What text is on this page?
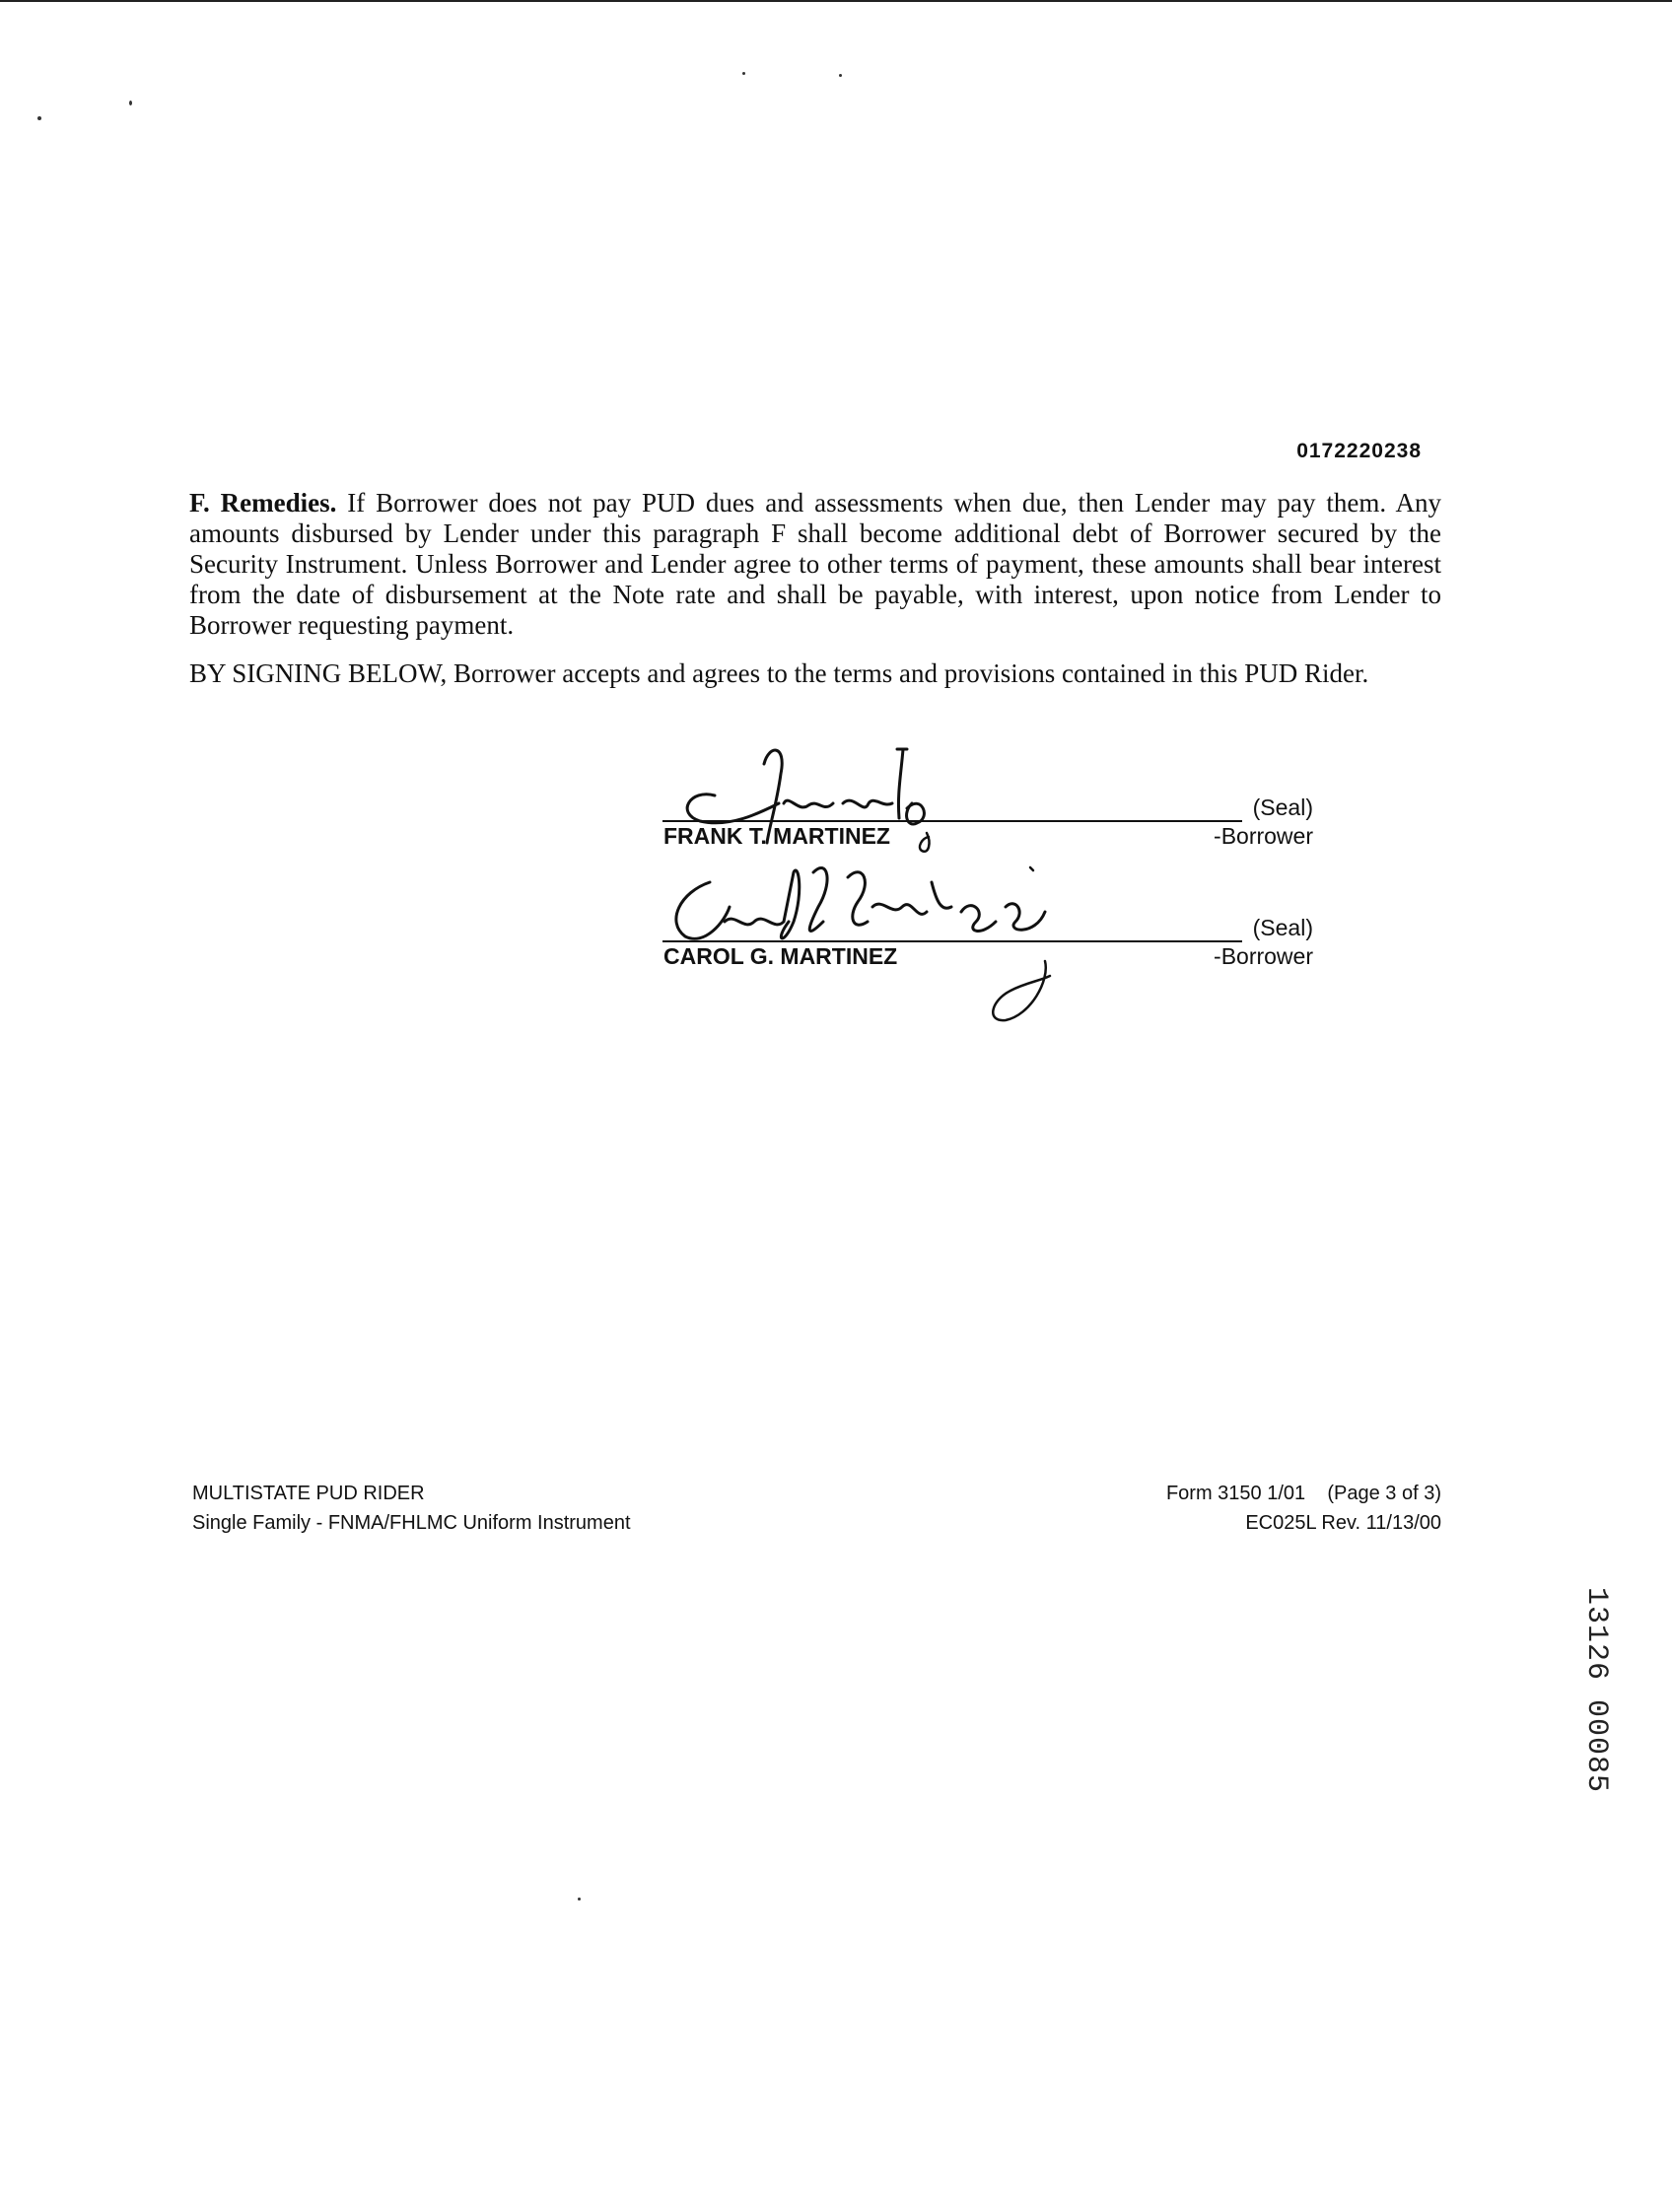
0172220238
F. Remedies. If Borrower does not pay PUD dues and assessments when due, then Lender may pay them. Any amounts disbursed by Lender under this paragraph F shall become additional debt of Borrower secured by the Security Instrument. Unless Borrower and Lender agree to other terms of payment, these amounts shall bear interest from the date of disbursement at the Note rate and shall be payable, with interest, upon notice from Lender to Borrower requesting payment.
BY SIGNING BELOW, Borrower accepts and agrees to the terms and provisions contained in this PUD Rider.
FRANK T. MARTINEZ
(Seal)
-Borrower
CAROL G. MARTINEZ
(Seal)
-Borrower
MULTISTATE PUD RIDER
Single Family - FNMA/FHLMC Uniform Instrument
Form 3150 1/01    (Page 3 of 3)
EC025L Rev. 11/13/00
13126 00085
